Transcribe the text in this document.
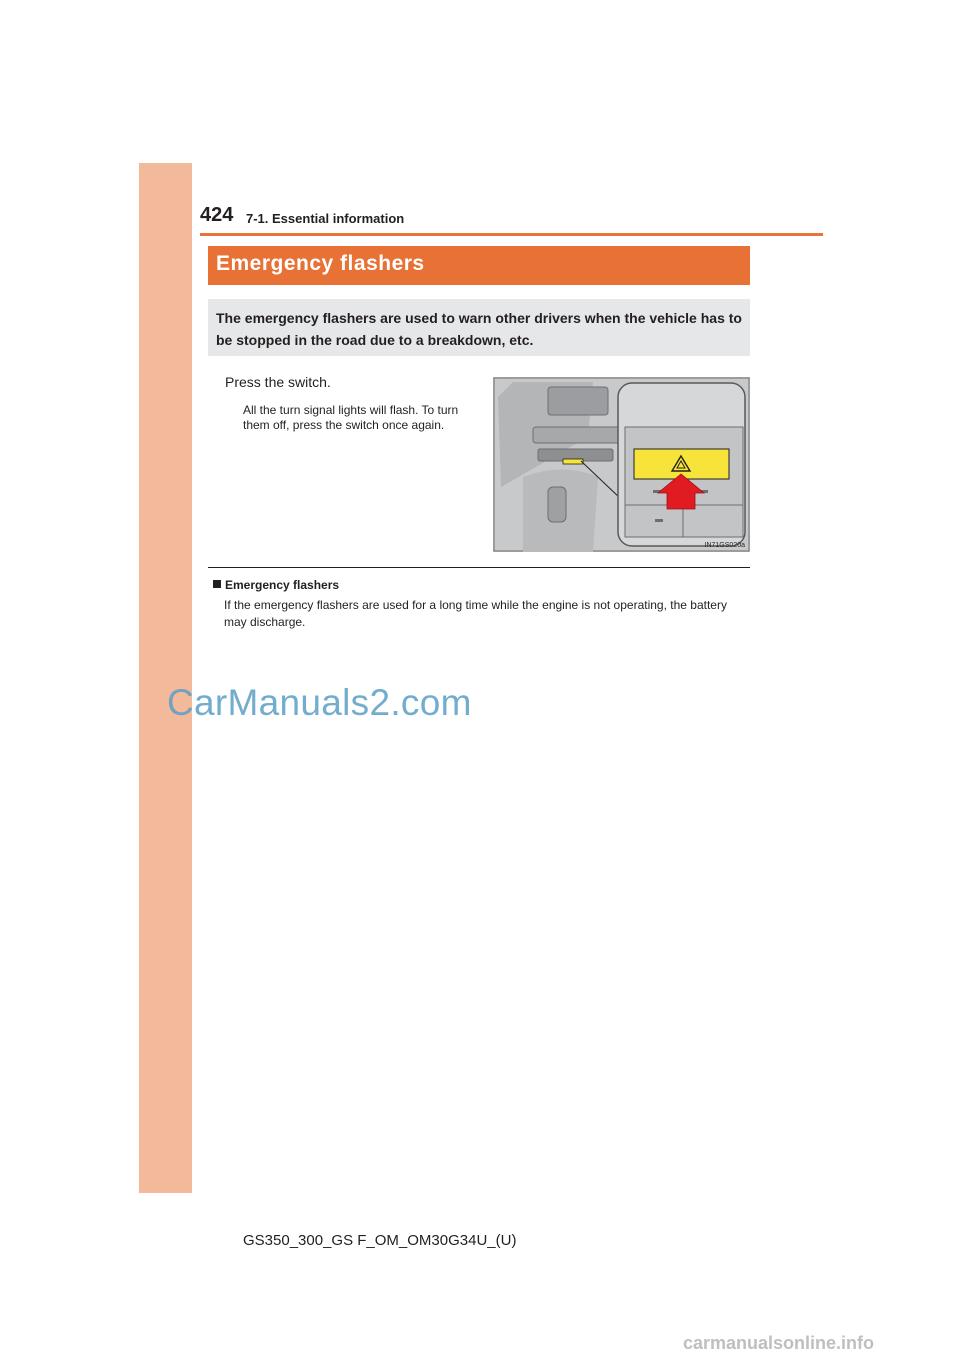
424 7-1. Essential information
Emergency flashers
The emergency flashers are used to warn other drivers when the vehicle has to be stopped in the road due to a breakdown, etc.
Press the switch.
All the turn signal lights will flash. To turn them off, press the switch once again.
IN71GS020a
Emergency flashers
If the emergency flashers are used for a long time while the engine is not operating, the battery may discharge.
CarManuals2.com
GS350_300_GS F_OM_OM30G34U_(U)
carmanualsonline.info
